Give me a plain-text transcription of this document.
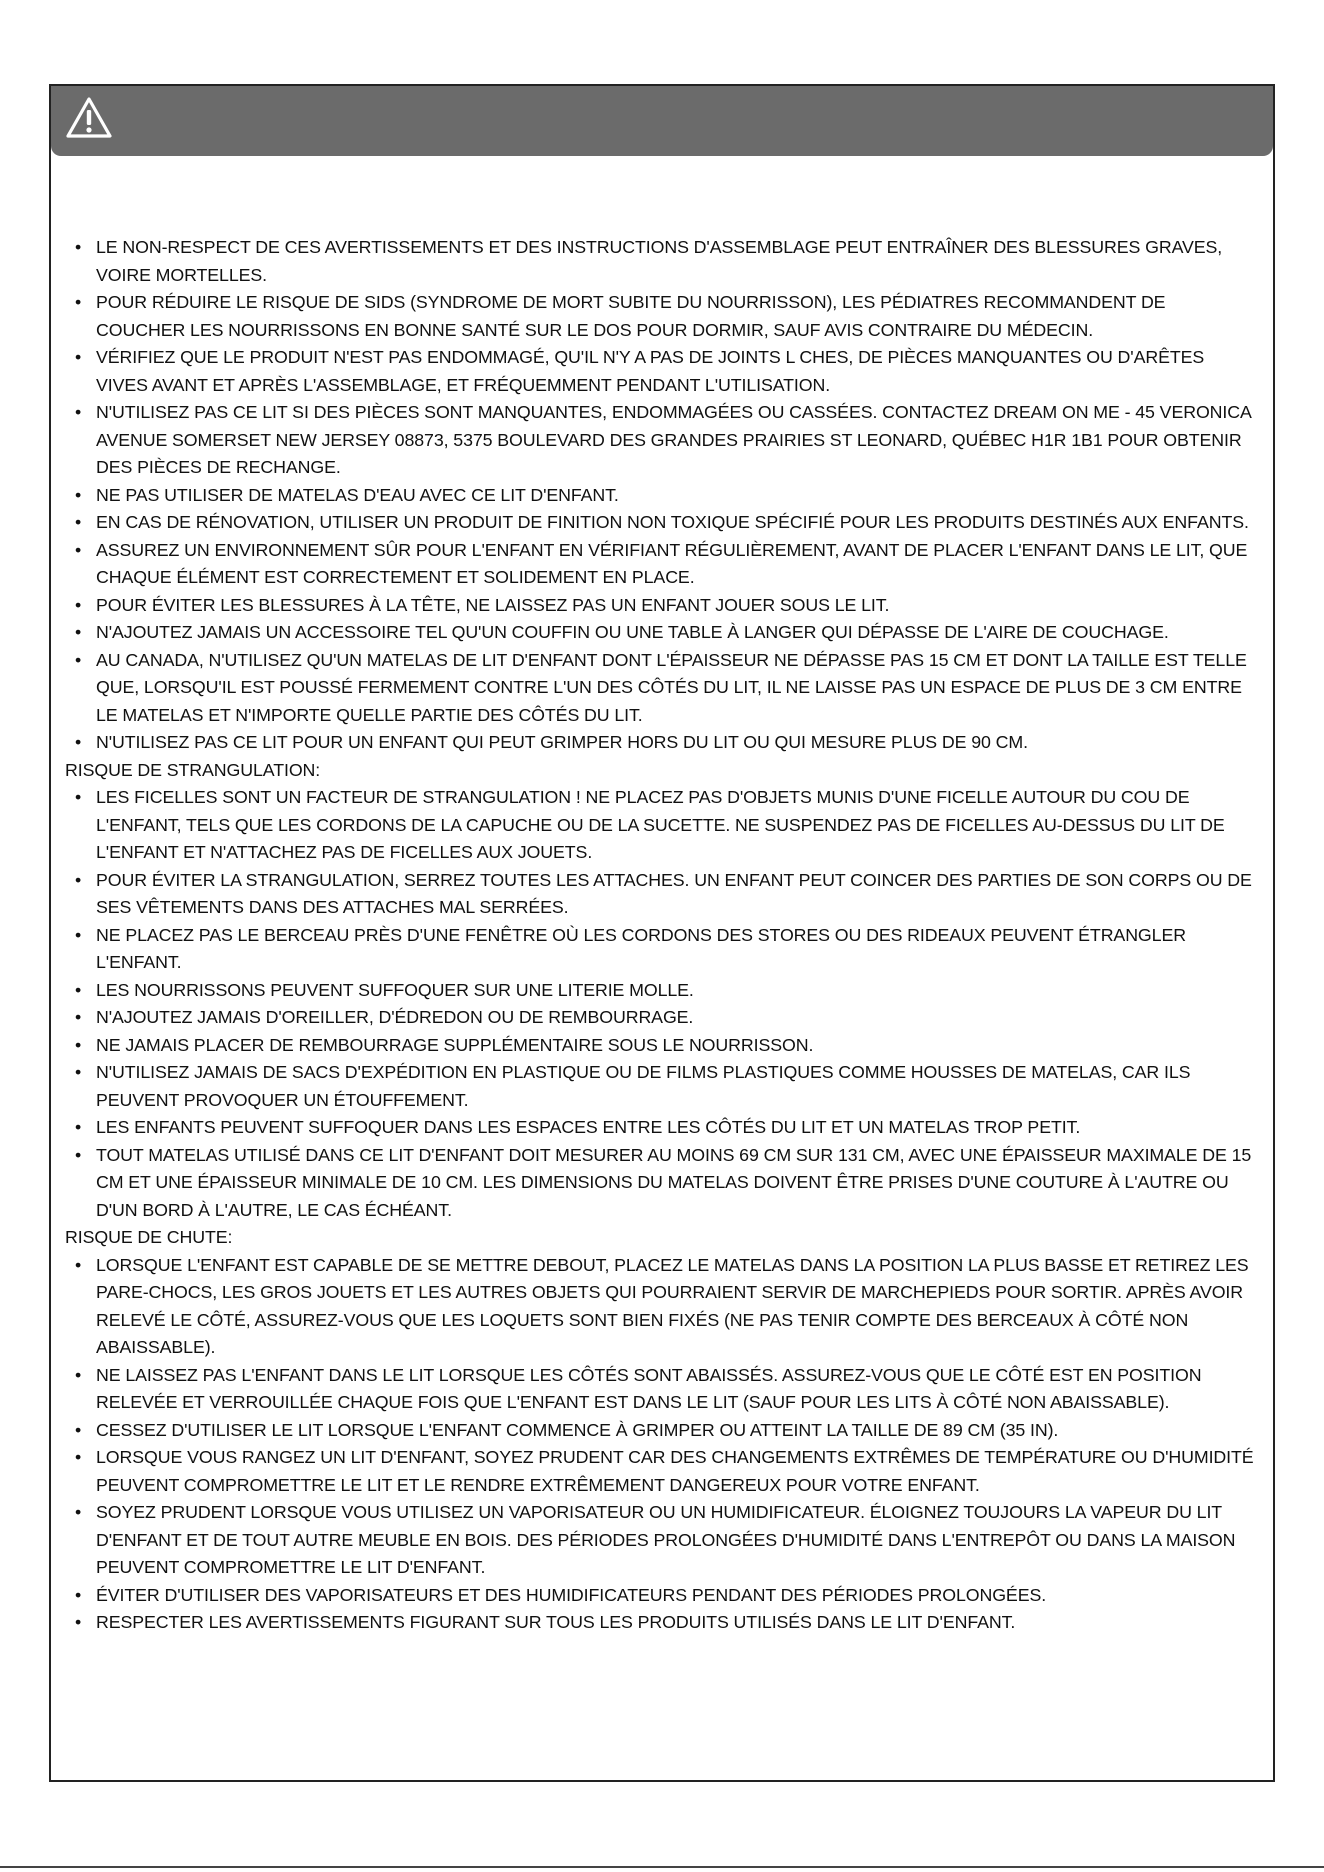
• LE NON-RESPECT DE CES AVERTISSEMENTS ET DES INSTRUCTIONS D'ASSEMBLAGE PEUT ENTRAÎNER DES BLESSURES GRAVES, VOIRE MORTELLES.

• POUR RÉDUIRE LE RISQUE DE SIDS (SYNDROME DE MORT SUBITE DU NOURRISSON), LES PÉDIATRES RECOMMANDENT DE COUCHER LES NOURRISSONS EN BONNE SANTÉ SUR LE DOS POUR DORMIR, SAUF AVIS CONTRAIRE DU MÉDECIN.

• VÉRIFIEZ QUE LE PRODUIT N'EST PAS ENDOMMAGÉ, QU'IL N'Y A PAS DE JOINTS L CHES, DE PIÈCES MANQUANTES OU D'ARÊTES VIVES AVANT ET APRÈS L'ASSEMBLAGE, ET FRÉQUEMMENT PENDANT L'UTILISATION.

• N'UTILISEZ PAS CE LIT SI DES PIÈCES SONT MANQUANTES, ENDOMMAGÉES OU CASSÉES. CONTACTEZ DREAM ON ME - 45 VERONICA AVENUE SOMERSET NEW JERSEY 08873, 5375 BOULEVARD DES GRANDES PRAIRIES ST LEONARD, QUÉBEC H1R 1B1 POUR OBTENIR DES PIÈCES DE RECHANGE.

• NE PAS UTILISER DE MATELAS D'EAU AVEC CE LIT D'ENFANT.

• EN CAS DE RÉNOVATION, UTILISER UN PRODUIT DE FINITION NON TOXIQUE SPÉCIFIÉ POUR LES PRODUITS DESTINÉS AUX ENFANTS.

• ASSUREZ UN ENVIRONNEMENT SÛR POUR L'ENFANT EN VÉRIFIANT RÉGULIÈREMENT, AVANT DE PLACER L'ENFANT DANS LE LIT, QUE CHAQUE ÉLÉMENT EST CORRECTEMENT ET SOLIDEMENT EN PLACE.

• POUR ÉVITER LES BLESSURES À LA TÊTE, NE LAISSEZ PAS UN ENFANT JOUER SOUS LE LIT.

• N'AJOUTEZ JAMAIS UN ACCESSOIRE TEL QU'UN COUFFIN OU UNE TABLE À LANGER QUI DÉPASSE DE L'AIRE DE COUCHAGE.

• AU CANADA, N'UTILISEZ QU'UN MATELAS DE LIT D'ENFANT DONT L'ÉPAISSEUR NE DÉPASSE PAS 15 CM ET DONT LA TAILLE EST TELLE QUE, LORSQU'IL EST POUSSÉ FERMEMENT CONTRE L'UN DES CÔTÉS DU LIT, IL NE LAISSE PAS UN ESPACE DE PLUS DE 3 CM ENTRE LE MATELAS ET N'IMPORTE QUELLE PARTIE DES CÔTÉS DU LIT.

• N'UTILISEZ PAS CE LIT POUR UN ENFANT QUI PEUT GRIMPER HORS DU LIT OU QUI MESURE PLUS DE 90 CM.

RISQUE DE STRANGULATION:

• LES FICELLES SONT UN FACTEUR DE STRANGULATION ! NE PLACEZ PAS D'OBJETS MUNIS D'UNE FICELLE AUTOUR DU COU DE L'ENFANT, TELS QUE LES CORDONS DE LA CAPUCHE OU DE LA SUCETTE. NE SUSPENDEZ PAS DE FICELLES AU-DESSUS DU LIT DE L'ENFANT ET N'ATTACHEZ PAS DE FICELLES AUX JOUETS.

• POUR ÉVITER LA STRANGULATION, SERREZ TOUTES LES ATTACHES. UN ENFANT PEUT COINCER DES PARTIES DE SON CORPS OU DE SES VÊTEMENTS DANS DES ATTACHES MAL SERRÉES.

• NE PLACEZ PAS LE BERCEAU PRÈS D'UNE FENÊTRE OÙ LES CORDONS DES STORES OU DES RIDEAUX PEUVENT ÉTRANGLER L'ENFANT.

• LES NOURRISSONS PEUVENT SUFFOQUER SUR UNE LITERIE MOLLE.

• N'AJOUTEZ JAMAIS D'OREILLER, D'ÉDREDON OU DE REMBOURRAGE.

• NE JAMAIS PLACER DE REMBOURRAGE SUPPLÉMENTAIRE SOUS LE NOURRISSON.

• N'UTILISEZ JAMAIS DE SACS D'EXPÉDITION EN PLASTIQUE OU DE FILMS PLASTIQUES COMME HOUSSES DE MATELAS, CAR ILS PEUVENT PROVOQUER UN ÉTOUFFEMENT.

• LES ENFANTS PEUVENT SUFFOQUER DANS LES ESPACES ENTRE LES CÔTÉS DU LIT ET UN MATELAS TROP PETIT.

• TOUT MATELAS UTILISÉ DANS CE LIT D'ENFANT DOIT MESURER AU MOINS 69 CM SUR 131 CM, AVEC UNE ÉPAISSEUR MAXIMALE DE 15 CM ET UNE ÉPAISSEUR MINIMALE DE 10 CM. LES DIMENSIONS DU MATELAS DOIVENT ÊTRE PRISES D'UNE COUTURE À L'AUTRE OU D'UN BORD À L'AUTRE, LE CAS ÉCHÉANT.

RISQUE DE CHUTE:

• LORSQUE L'ENFANT EST CAPABLE DE SE METTRE DEBOUT, PLACEZ LE MATELAS DANS LA POSITION LA PLUS BASSE ET RETIREZ LES PARE-CHOCS, LES GROS JOUETS ET LES AUTRES OBJETS QUI POURRAIENT SERVIR DE MARCHEPIEDS POUR SORTIR. APRÈS AVOIR RELEVÉ LE CÔTÉ, ASSUREZ-VOUS QUE LES LOQUETS SONT BIEN FIXÉS (NE PAS TENIR COMPTE DES BERCEAUX À CÔTÉ NON ABAISSABLE).

• NE LAISSEZ PAS L'ENFANT DANS LE LIT LORSQUE LES CÔTÉS SONT ABAISSÉS. ASSUREZ-VOUS QUE LE CÔTÉ EST EN POSITION RELEVÉE ET VERROUILLÉE CHAQUE FOIS QUE L'ENFANT EST DANS LE LIT (SAUF POUR LES LITS À CÔTÉ NON ABAISSABLE).

• CESSEZ D'UTILISER LE LIT LORSQUE L'ENFANT COMMENCE À GRIMPER OU ATTEINT LA TAILLE DE 89 CM (35 IN).

• LORSQUE VOUS RANGEZ UN LIT D'ENFANT, SOYEZ PRUDENT CAR DES CHANGEMENTS EXTRÊMES DE TEMPÉRATURE OU D'HUMIDITÉ PEUVENT COMPROMETTRE LE LIT ET LE RENDRE EXTRÊMEMENT DANGEREUX POUR VOTRE ENFANT.

• SOYEZ PRUDENT LORSQUE VOUS UTILISEZ UN VAPORISATEUR OU UN HUMIDIFICATEUR. ÉLOIGNEZ TOUJOURS LA VAPEUR DU LIT D'ENFANT ET DE TOUT AUTRE MEUBLE EN BOIS. DES PÉRIODES PROLONGÉES D'HUMIDITÉ DANS L'ENTREPÔT OU DANS LA MAISON PEUVENT COMPROMETTRE LE LIT D'ENFANT.

• ÉVITER D'UTILISER DES VAPORISATEURS ET DES HUMIDIFICATEURS PENDANT DES PÉRIODES PROLONGÉES.

• RESPECTER LES AVERTISSEMENTS FIGURANT SUR TOUS LES PRODUITS UTILISÉS DANS LE LIT D'ENFANT.
